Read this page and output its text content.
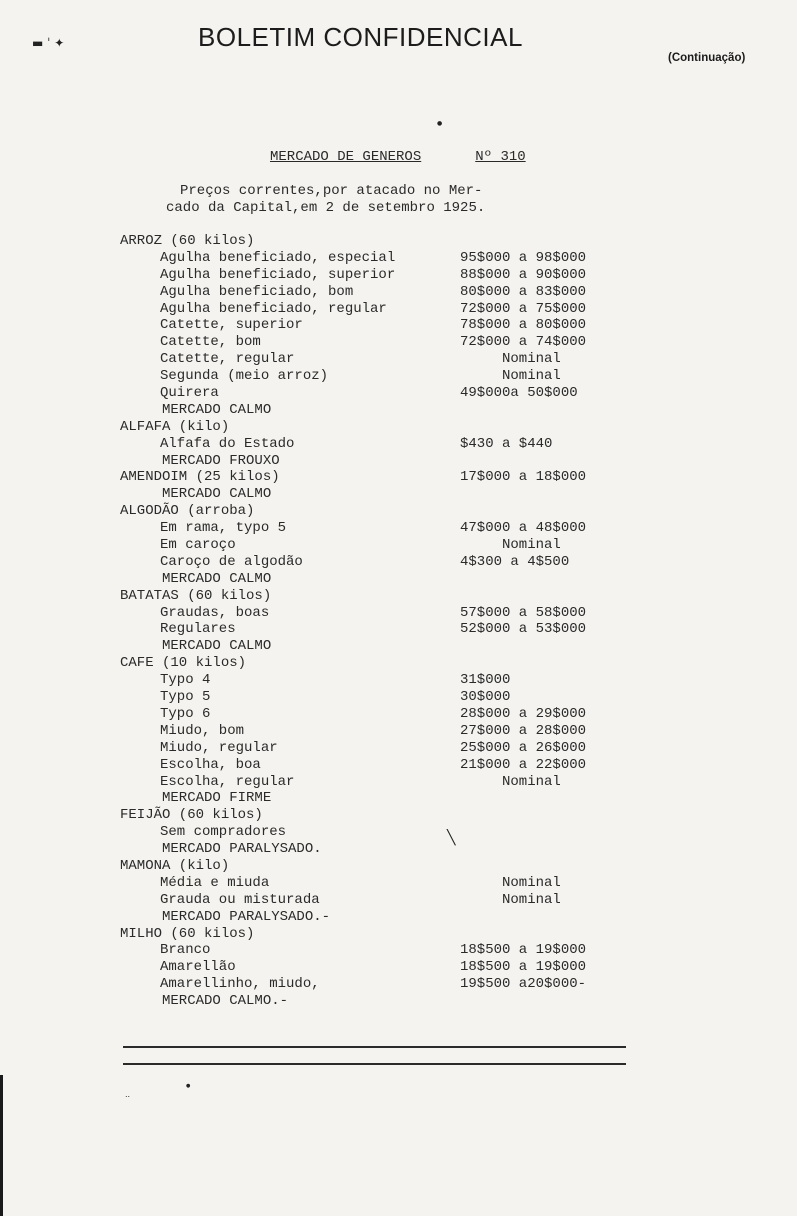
▬ ˈ ✦
●
╲
●
..
BOLETIM CONFIDENCIAL
(Continuação)
MERCADO DE GENEROS	Nº 310
Preços correntes,por atacado no Mer-
cado da Capital,em 2 de setembro 1925.
ARROZ (60 kilos)
Agulha beneficiado, especial	95$000 a 98$000
Agulha beneficiado, superior	88$000 a 90$000
Agulha beneficiado, bom	80$000 a 83$000
Agulha beneficiado, regular	72$000 a 75$000
Catette, superior	78$000 a 80$000
Catette, bom	72$000 a 74$000
Catette, regular	Nominal
Segunda (meio arroz)	Nominal
Quirera	49$000a 50$000
MERCADO CALMO
ALFAFA (kilo)
Alfafa do Estado	$430 a $440
MERCADO FROUXO
AMENDOIM (25 kilos)	17$000 a 18$000
MERCADO CALMO
ALGODÃO (arroba)
Em rama, typo 5	47$000 a 48$000
Em caroço	Nominal
Caroço de algodão	4$300 a 4$500
MERCADO CALMO
BATATAS (60 kilos)
Graudas, boas	57$000 a 58$000
Regulares	52$000 a 53$000
MERCADO CALMO
CAFE (10 kilos)
Typo 4	31$000
Typo 5	30$000
Typo 6	28$000 a 29$000
Miudo, bom	27$000 a 28$000
Miudo, regular	25$000 a 26$000
Escolha, boa	21$000 a 22$000
Escolha, regular	Nominal
MERCADO FIRME
FEIJÃO (60 kilos)
Sem compradores
MERCADO PARALYSADO.
MAMONA (kilo)
Média e miuda	Nominal
Grauda ou misturada	Nominal
MERCADO PARALYSADO.-
MILHO (60 kilos)
Branco	18$500 a 19$000
Amarellão	18$500 a 19$000
Amarellinho, miudo,	19$500 a20$000-
MERCADO CALMO.-
